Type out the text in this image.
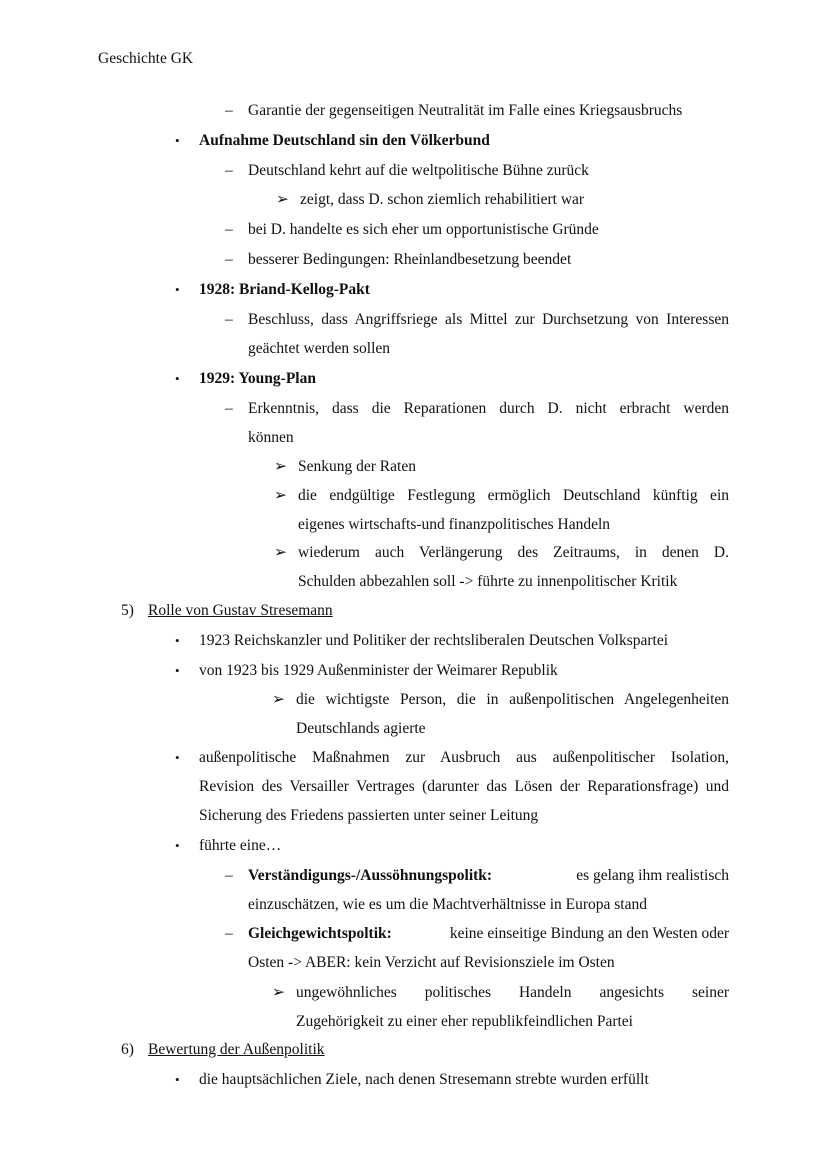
Geschichte GK
– Garantie der gegenseitigen Neutralität im Falle eines Kriegsausbruchs
• Aufnahme Deutschland sin den Völkerbund
– Deutschland kehrt auf die weltpolitische Bühne zurück
➢ zeigt, dass D. schon ziemlich rehabilitiert war
– bei D. handelte es sich eher um opportunistische Gründe
– besserer Bedingungen: Rheinlandbesetzung beendet
• 1928: Briand-Kellog-Pakt
– Beschluss, dass Angriffsriege als Mittel zur Durchsetzung von Interessen
geächtet werden sollen
• 1929: Young-Plan
– Erkenntnis, dass die Reparationen durch D. nicht erbracht werden
können
➢ Senkung der Raten
➢ die endgültige Festlegung ermöglich Deutschland künftig ein
eigenes wirtschafts-und finanzpolitisches Handeln
➢ wiederum auch Verlängerung des Zeitraums, in denen D.
Schulden abbezahlen soll -> führte zu innenpolitischer Kritik
5) Rolle von Gustav Stresemann
• 1923 Reichskanzler und Politiker der rechtsliberalen Deutschen Volkspartei
• von 1923 bis 1929 Außenminister der Weimarer Republik
➢ die wichtigste Person, die in außenpolitischen Angelegenheiten
Deutschlands agierte
• außenpolitische Maßnahmen zur Ausbruch aus außenpolitischer Isolation,
Revision des Versailler Vertrages (darunter das Lösen der Reparationsfrage) und
Sicherung des Friedens passierten unter seiner Leitung
• führte eine…
– Verständigungs-/Aussöhnungspolitk:	es gelang ihm realistisch
einzuschätzen, wie es um die Machtverhältnisse in Europa stand
– Gleichgewichtspoltik:	keine einseitige Bindung an den Westen oder
Osten -> ABER: kein Verzicht auf Revisionsziele im Osten
➢ ungewöhnliches politisches Handeln angesichts seiner
Zugehörigkeit zu einer eher republikfeindlichen Partei
6) Bewertung der Außenpolitik
• die hauptsächlichen Ziele, nach denen Stresemann strebte wurden erfüllt
